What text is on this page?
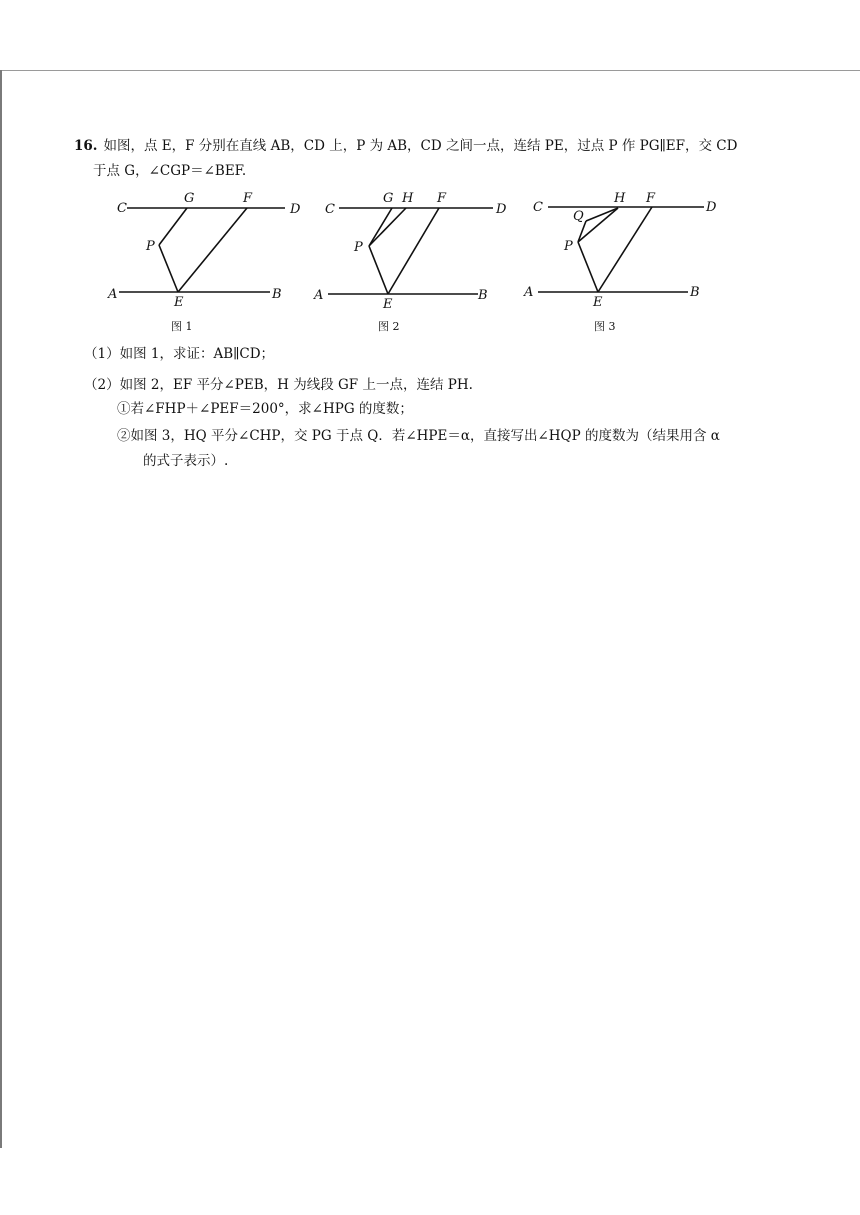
16. 如图，点 E，F 分别在直线 AB，CD 上，P 为 AB，CD 之间一点，连结 PE，过点 P 作 PG∥EF，交 CD
于点 G，∠CGP＝∠BEF.
C
G	F
D
P
A
E
B
图 1
C
G H F
D
P
A
E
B
图 2
C
Q
H F
D
P
A
E
B
图 3
（1）如图 1，求证：AB∥CD；
（2）如图 2，EF 平分∠PEB，H 为线段 GF 上一点，连结 PH.
①若∠FHP＋∠PEF＝200°，求∠HPG 的度数；
②如图 3，HQ 平分∠CHP，交 PG 于点 Q．若∠HPE＝α，直接写出∠HQP 的度数为（结果用含 α
的式子表示）.
